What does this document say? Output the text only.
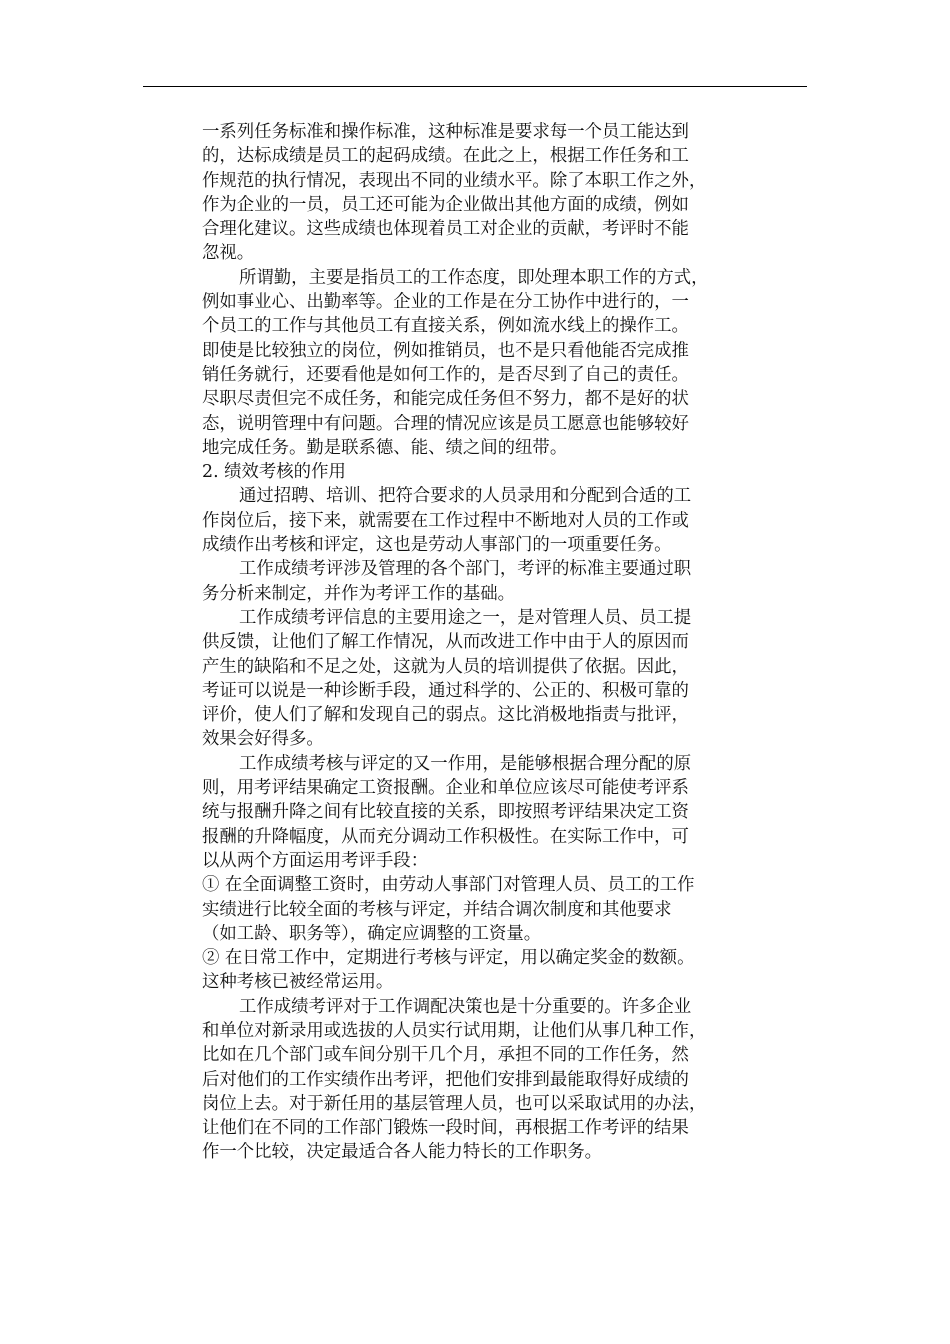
一系列任务标准和操作标准，这种标准是要求每一个员工能达到
的，达标成绩是员工的起码成绩。在此之上，根据工作任务和工
作规范的执行情况，表现出不同的业绩水平。除了本职工作之外，
作为企业的一员，员工还可能为企业做出其他方面的成绩，例如
合理化建议。这些成绩也体现着员工对企业的贡献，考评时不能
忽视。
所谓勤，主要是指员工的工作态度，即处理本职工作的方式，
例如事业心、出勤率等。企业的工作是在分工协作中进行的，一
个员工的工作与其他员工有直接关系，例如流水线上的操作工。
即使是比较独立的岗位，例如推销员，也不是只看他能否完成推
销任务就行，还要看他是如何工作的，是否尽到了自己的责任。
尽职尽责但完不成任务，和能完成任务但不努力，都不是好的状
态，说明管理中有问题。合理的情况应该是员工愿意也能够较好
地完成任务。勤是联系德、能、绩之间的纽带。
2. 绩效考核的作用
通过招聘、培训、把符合要求的人员录用和分配到合适的工
作岗位后，接下来，就需要在工作过程中不断地对人员的工作或
成绩作出考核和评定，这也是劳动人事部门的一项重要任务。
工作成绩考评涉及管理的各个部门，考评的标准主要通过职
务分析来制定，并作为考评工作的基础。
工作成绩考评信息的主要用途之一，是对管理人员、员工提
供反馈，让他们了解工作情况，从而改进工作中由于人的原因而
产生的缺陷和不足之处，这就为人员的培训提供了依据。因此，
考证可以说是一种诊断手段，通过科学的、公正的、积极可靠的
评价，使人们了解和发现自己的弱点。这比消极地指责与批评，
效果会好得多。
工作成绩考核与评定的又一作用，是能够根据合理分配的原
则，用考评结果确定工资报酬。企业和单位应该尽可能使考评系
统与报酬升降之间有比较直接的关系，即按照考评结果决定工资
报酬的升降幅度，从而充分调动工作积极性。在实际工作中，可
以从两个方面运用考评手段：
① 在全面调整工资时，由劳动人事部门对管理人员、员工的工作
实绩进行比较全面的考核与评定，并结合调次制度和其他要求
（如工龄、职务等），确定应调整的工资量。
② 在日常工作中，定期进行考核与评定，用以确定奖金的数额。
这种考核已被经常运用。
工作成绩考评对于工作调配决策也是十分重要的。许多企业
和单位对新录用或选拔的人员实行试用期，让他们从事几种工作，
比如在几个部门或车间分别干几个月，承担不同的工作任务，然
后对他们的工作实绩作出考评，把他们安排到最能取得好成绩的
岗位上去。对于新任用的基层管理人员，也可以采取试用的办法，
让他们在不同的工作部门锻炼一段时间，再根据工作考评的结果
作一个比较，决定最适合各人能力特长的工作职务。
